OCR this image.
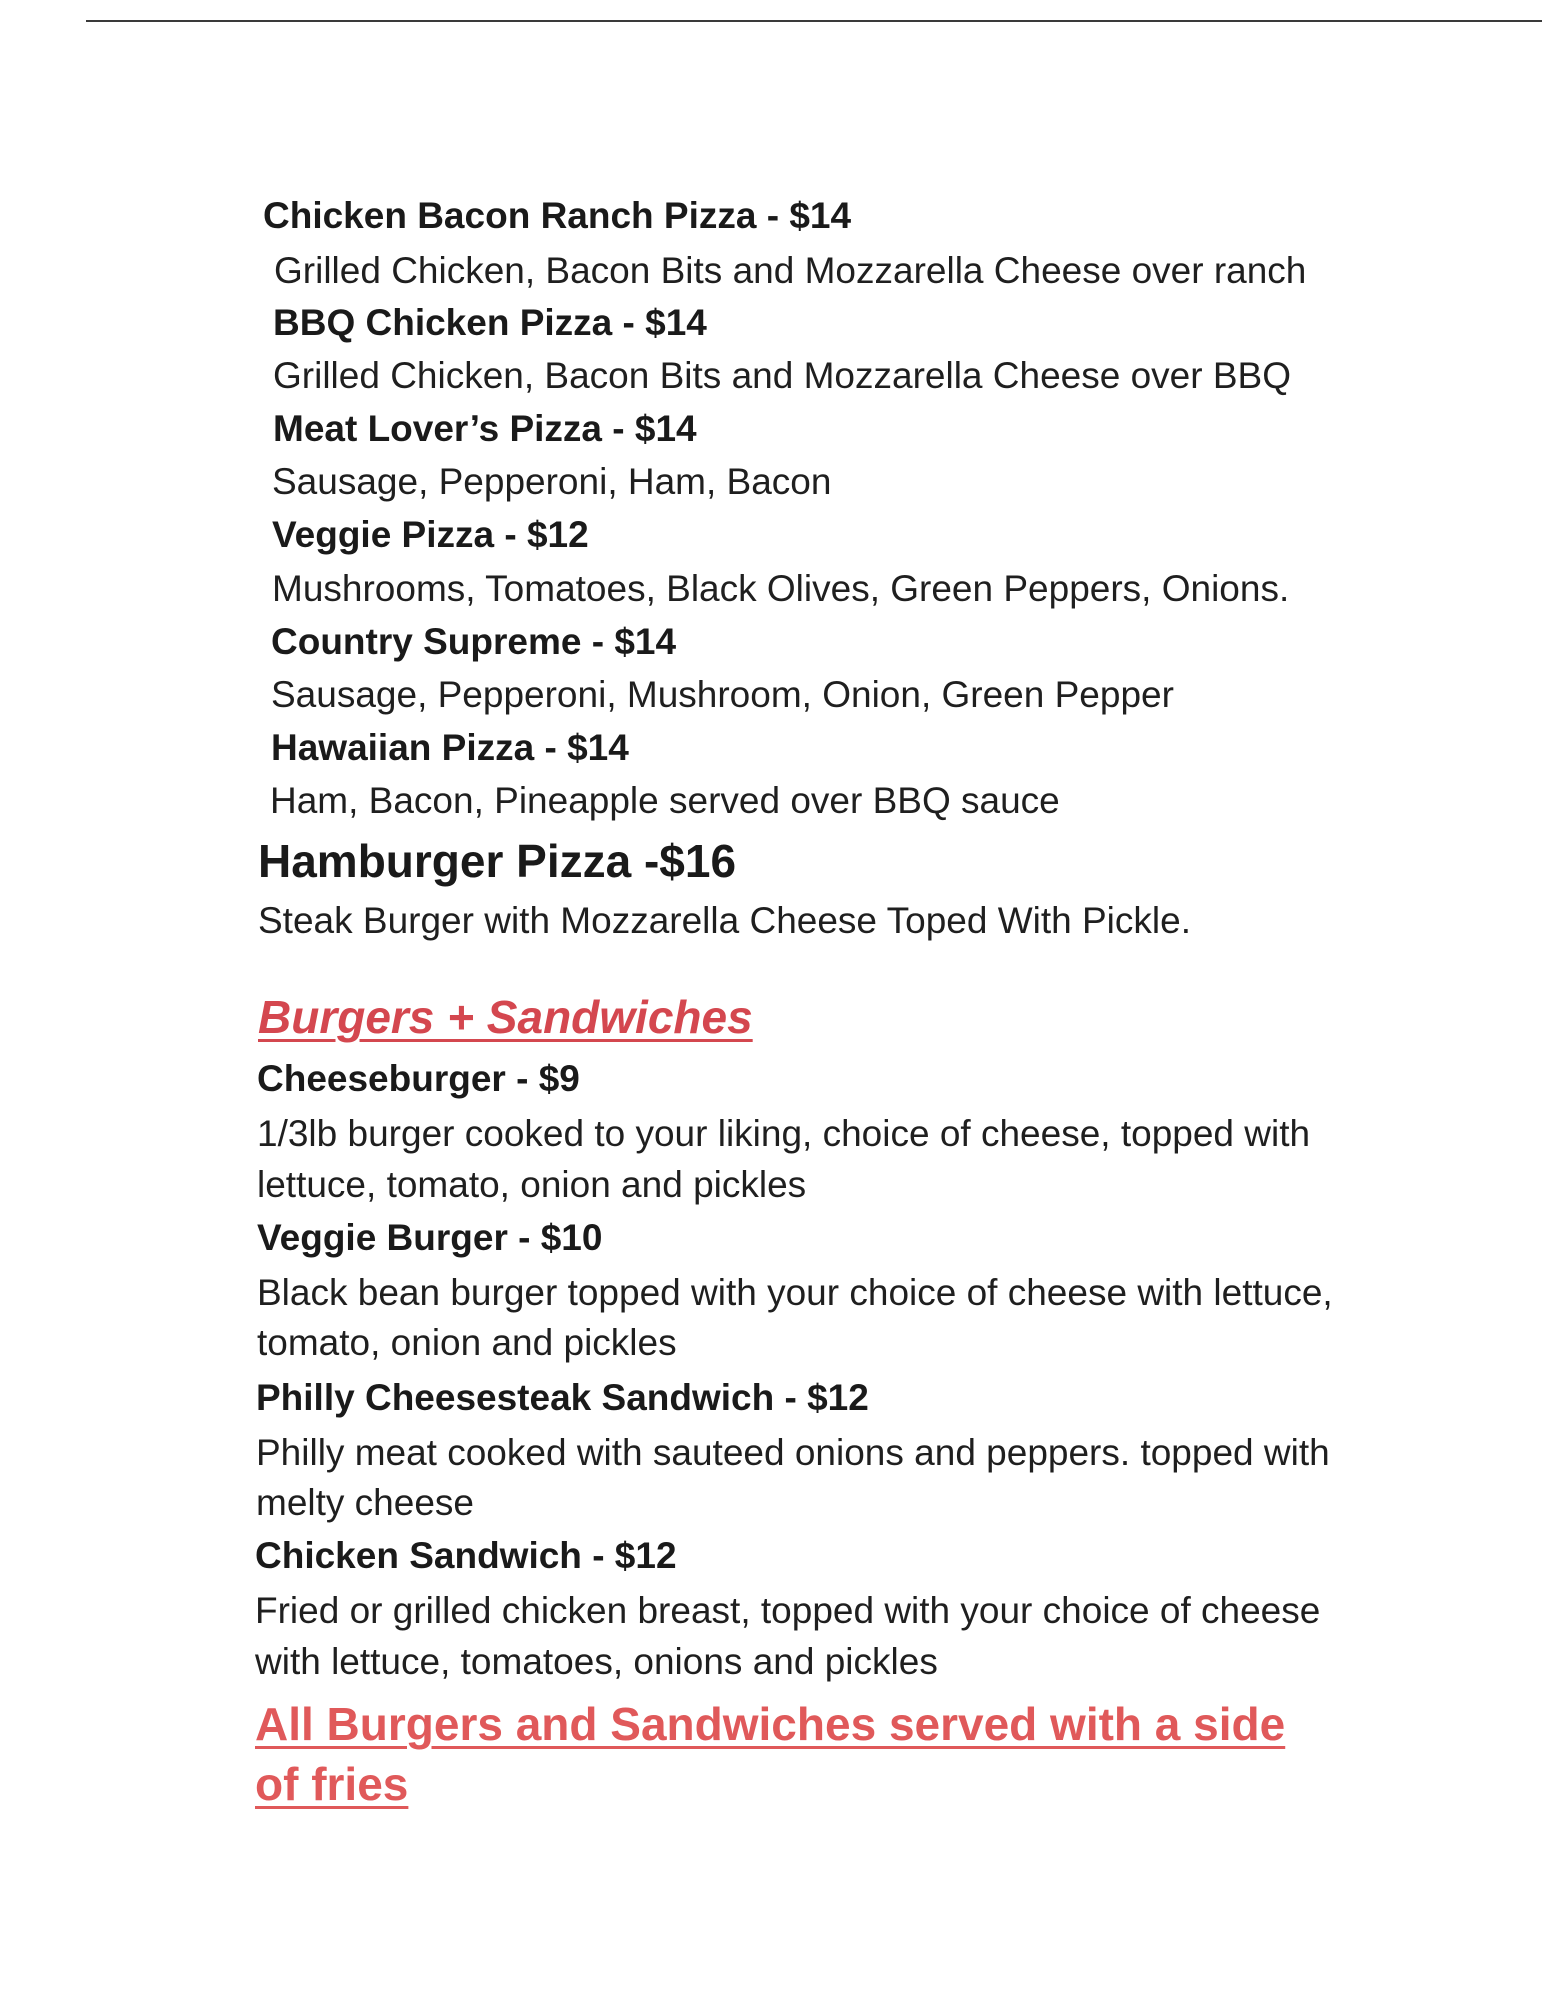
Chicken Bacon Ranch Pizza - $14
Grilled Chicken, Bacon Bits and Mozzarella Cheese over ranch
BBQ Chicken Pizza - $14
Grilled Chicken, Bacon Bits and Mozzarella Cheese over BBQ
Meat Lover’s Pizza - $14
Sausage, Pepperoni, Ham, Bacon
Veggie Pizza - $12
Mushrooms, Tomatoes, Black Olives, Green Peppers, Onions.
Country Supreme - $14
Sausage, Pepperoni, Mushroom, Onion, Green Pepper
Hawaiian Pizza - $14
Ham, Bacon, Pineapple served over BBQ sauce
Hamburger Pizza -$16
Steak Burger with Mozzarella Cheese Toped With Pickle.
Burgers + Sandwiches
Cheeseburger - $9
1/3lb burger cooked to your liking, choice of cheese, topped with
lettuce, tomato, onion and pickles
Veggie Burger - $10
Black bean burger topped with your choice of cheese with lettuce,
tomato, onion and pickles
Philly Cheesesteak Sandwich - $12
Philly meat cooked with sauteed onions and peppers. topped with
melty cheese
Chicken Sandwich - $12
Fried or grilled chicken breast, topped with your choice of cheese
with lettuce, tomatoes, onions and pickles
All Burgers and Sandwiches served with a side
of fries
